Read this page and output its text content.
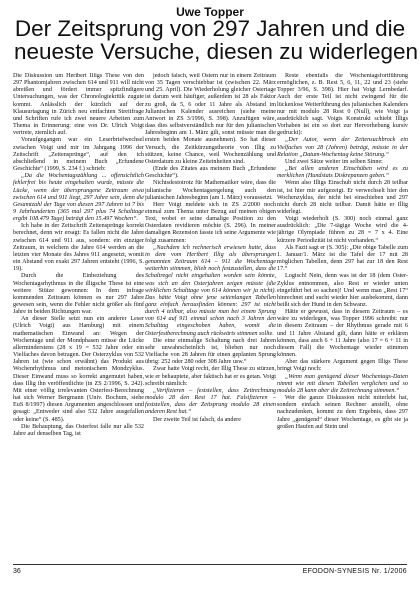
Uwe Topper
Der Zeitsprung von 297 Jahren und die
neueste Versuche, diesen zu widerlegen

Die Diskussion um Heribert Illigs These von den 297 Phantomjahren zwischen 614 und 911 will nicht abreißen und fördert immer spitzfindigere Untersuchungen, was der Chronologiekritik zugute kommt. Anlässlich der kürzlich auf der Klausurtagung in Zürich neu entfachten Streitfrage und Schriften rufe ich zwei neuere Arbeiten zum Thema in Erinnerung: eine von Dr. Ulrich Voigt vertrete, ziemlich auf.

Voraufgegangen war ein Leserbriefwechsel zwischen Voigt und mir im Jahrgang 1996 der Zeitschrift „Zeitensprünge“, auf den ich abschließend in meinem Buch „Erfundene Geschichte“ (1999, S. 234 f.) schrieb:

„Da die Wochentagszählung ... offensichtlich fehlerfrei bis heute eingehalten wurde, müsste die Lücke, wenn der übersprungene Zeitraum etwa zwischen 614 und 911 liegt, 297 Jahre sein, denn die Gesamtzahl der Tage von diesen 297 Jahren ist 7 bis 9 Jahrhunderten (365 mal 297 plus 74 Schalttage ergibt 108.479 Tage) beträgt den 15.497 Wochen“.

Ich habe in der Zeitschrift Zeitensprünge korrekt berechnet, denn wir ersagt: Es fallen nicht die Jahre zwischen 614 und 911 aus, sondern: ein einziger Zeitraum, in welchem die Jahre 614 werden an die letzten vier Monate des Jahres 911 angesetzt, womit ein Abstand von exakt 297 Jahren entsteht (1996, S. 19).

Durch die Einbeziehung des Wochentagsrhythmus in die illigsche These ist eine weitere Stütze gewonnen: In dem infrage kommenden Zeitraum können es nur 297 Jahre gewesen sein, wenn die Fehler nicht größer als fünf Jahre in beiden Richtungen war.

An dieser Stelle setzt nun ein anderer Leser (Ulrich Voigt) aus Hamburg) mit einem mathematischen Einwand an: Wegen der Wochentage und der Mondphasen müsse die Lücke allerminderstens (28 x 19 = 532 Jahre oder ein Vielfaches davon betragen. Der Osterzyklus von 532 Jahren ist (wie schon erwähnt) das Produkt aus Wochenrhythmus und metonischem Mondzyklus. Dieser Einwand muss so korrekt angemutet haben, dass Illig ihn veröffentlichte (in ZS 2/1996, S. 242). Mit einer völlig irrelevanten Osterfest-Berechnung hat sich Werner Bergmann (Univ. Bochum, siehe EuS 8/1997) diesen Argumenten angeschlossen und gesagt: „Entweder sind also 532 Jahre ausgefallen oder keine“ (S. 485).

Die Behauptung, das Osterfest falle nur alle 532 Jahre auf denselben Tag, ist

jedoch falsch, weil Ostern nur in einem Zeitraum von 35 Tagen verschiebbar ist (zwischen 22. März und 25. April). Die Wiederholung gleicher Ostertage ist darum weit häufiger, außerdem ist 28 als Faktor zu groß, da 5, 6 oder 11 Jahre als Abstand im Julianischen Kalender ausreichen (siehe meine Antwort in ZS 3/1996, S. 398). Anzufügen wäre, dass dies selbstverständlich nur für den julianischen Jahresbeginn am 1. März gilt, sonst müsste man die ersten beiden Monate ausnehmen). So hat dieser Versuch, die Zeitkürzungstheorie von Illig zu stützen, keine Chance, weil Wochenzählung und Osterdatum zu kleine Zeiteinheiten sind.

(Ende des Zitates aus meinem Buch „Erfundene Geschichte“).

Nichtsdestotrotz für Mathematiker wäre, dass die julianische Wochentagsregelung auch den julianischen Jahresbeginn (am 1. März) voraussetzt.

Herr Voigt meldete sich in ZS 2/2000 noch einmal zum Thema unter Bezug auf meinen obigen Text, wobei er seine damalige Position zu den Osterdaten revidieren möchte (S. 296). In meiner damaligen Rezension fasste ich seine Argumente wie folgt zusammen:

„Nachdem ich rechnerisch erwiesen hatte, dass in dem vom Heribert Illig als übersprungen genannten Zeitraum 614 – 911 die Wochentage weiterhin stimmen, blieb noch festzustellen, dass die Schaltregel nicht eingehalten worden sein könnte, was sich an den Osterjahren zeigen müsste (die wirklichen Schalttage von 614 können wir ja nicht). Das hätte Voigt ohne jene seitenlangen Tabellen ganz einfach herausfinden können: 297 ist nicht durch 4 teilbar, also müsste man bei einem Sprung von 614 auf 911 einmal schon nach 3 Jahren den Schalttag eingeschoben haben, womit die Osterfestberechnung auch rückwärts stimmen sollte.

Die eine einmalige Schaltung nach drei Jahren sehr unwahrscheinlich ist, blieben nur noch Vielfache von 28 Jahren für einen geplanten Sprung übrig: 252 oder 280 oder 308 Jahre usw.“

Zwar hatte Voigt recht, der Illig These zu stürzen, wie er behauptete, aber faktisch hat er es getan. Voigt schreibt nämlich:

„Verifizieren – feststellen, dass Zeitrechnung modulo 28 den Rest 17 hat. Falsifizieren – feststellen, dass der Zeitsprung modulo 28 einen anderen Rest hat.“

Der zweite Teil ist falsch, da andere

Reste ebenfalls die Wochentagsfortführung ermöglichen, z. B. Rest 5, 6, 11, 22 und 23 (siehe Topper 3/96, S. 398). Hier hat Voigt Lernbedarf. Auch der erste Teil ist nicht zwingend für die lückenlose Weiterführung des julianischen Kalenders nur mit modulo 28 Rest 0 (Null), wie Voigt ja ausdrücklich sagt. Voigts Konstrukt schiebt Illigs Vorhaben ist ein so dort zur Hervorhebung kursiv gedruckt):

„Der Autor, wenn der Zeitensuchbrock ein Vielfaches von 28 (Jahren) beträgt, müsste in der Relation „Datum-Wochentag keine Störung.“

Und zwei Sätze weiter im selben Sinne:

„Bei allen anderen Einschüben wird es zu merklichen (Hundstats Diskrepanzen geben.“

Wenn also Illigs Einschub nicht durch 28 teilbar ist, ist hier mir aufgezeigt. Er verwechselt hier den Wochenzyklus, der nicht bei einschieben und 297 nicht durch 28 nicht teilbar. Damit hätte er Illig widerlegt.

Voigt wiederholt (S. 300) noch einmal ganz ausdrücklich: „Die 7-tägige Woche wird die 4-jährige Olympiade führen zu 28 = 7 x 4. Eine kürzere Periodizität ist nicht vorhanden.“

Als Fazit sagt er (S. 305): „Die obige Tabelle zum 1. Januar/1. März ist die Tafel der 17 mit 28 möglichen Tabellen, denn 297 hat zur 18 den Rest 17.“

Logisch! Nein, denn was ist der 18 (dem Oster-Zyklus entnommen, also Rest er wieder unten eingeführt bei so sachen)! Und wenn man „Rest 17“ hinrechnet und sucht wieder hier ausbekommt, dann beißt sich der Hund in den Schwanz.

Hätte er gewusst, dass in diesem Zeitraum – es wäre zu widerlegen, was Topper 1996 schreibt: nur in diesem Zeitraum – der Rhythmus gerade mit 6 und 11 Jahre Abstand gilt, dann hätte er erklären können, dass auch 6 + 11 Jahre (also 17 = 6 + 11 in diesem Fall) die Wochentage wieder stimmen können.

Aber das stärkere Argument gegen Illigs These bringt Voigt noch:

„Wenn man genügend dieser Wochentags-Daten nimmt wie mit diesen Tabellen verglichen und so modulo 28 kann aber die Zeitrechnung stimmen.“

Wer die ganze Diskussion nicht miterlebt hat, sondern einfach seinen Rechner anstellt, ohne nachzudenken, kommt zu dem Ergebnis, dass 297 Jahre ,,genügend“ dieser Wochentage, es gibt sie ja großen Haufen auf Stein und

36	EFODON-SYNESIS Nr. 1/2006
